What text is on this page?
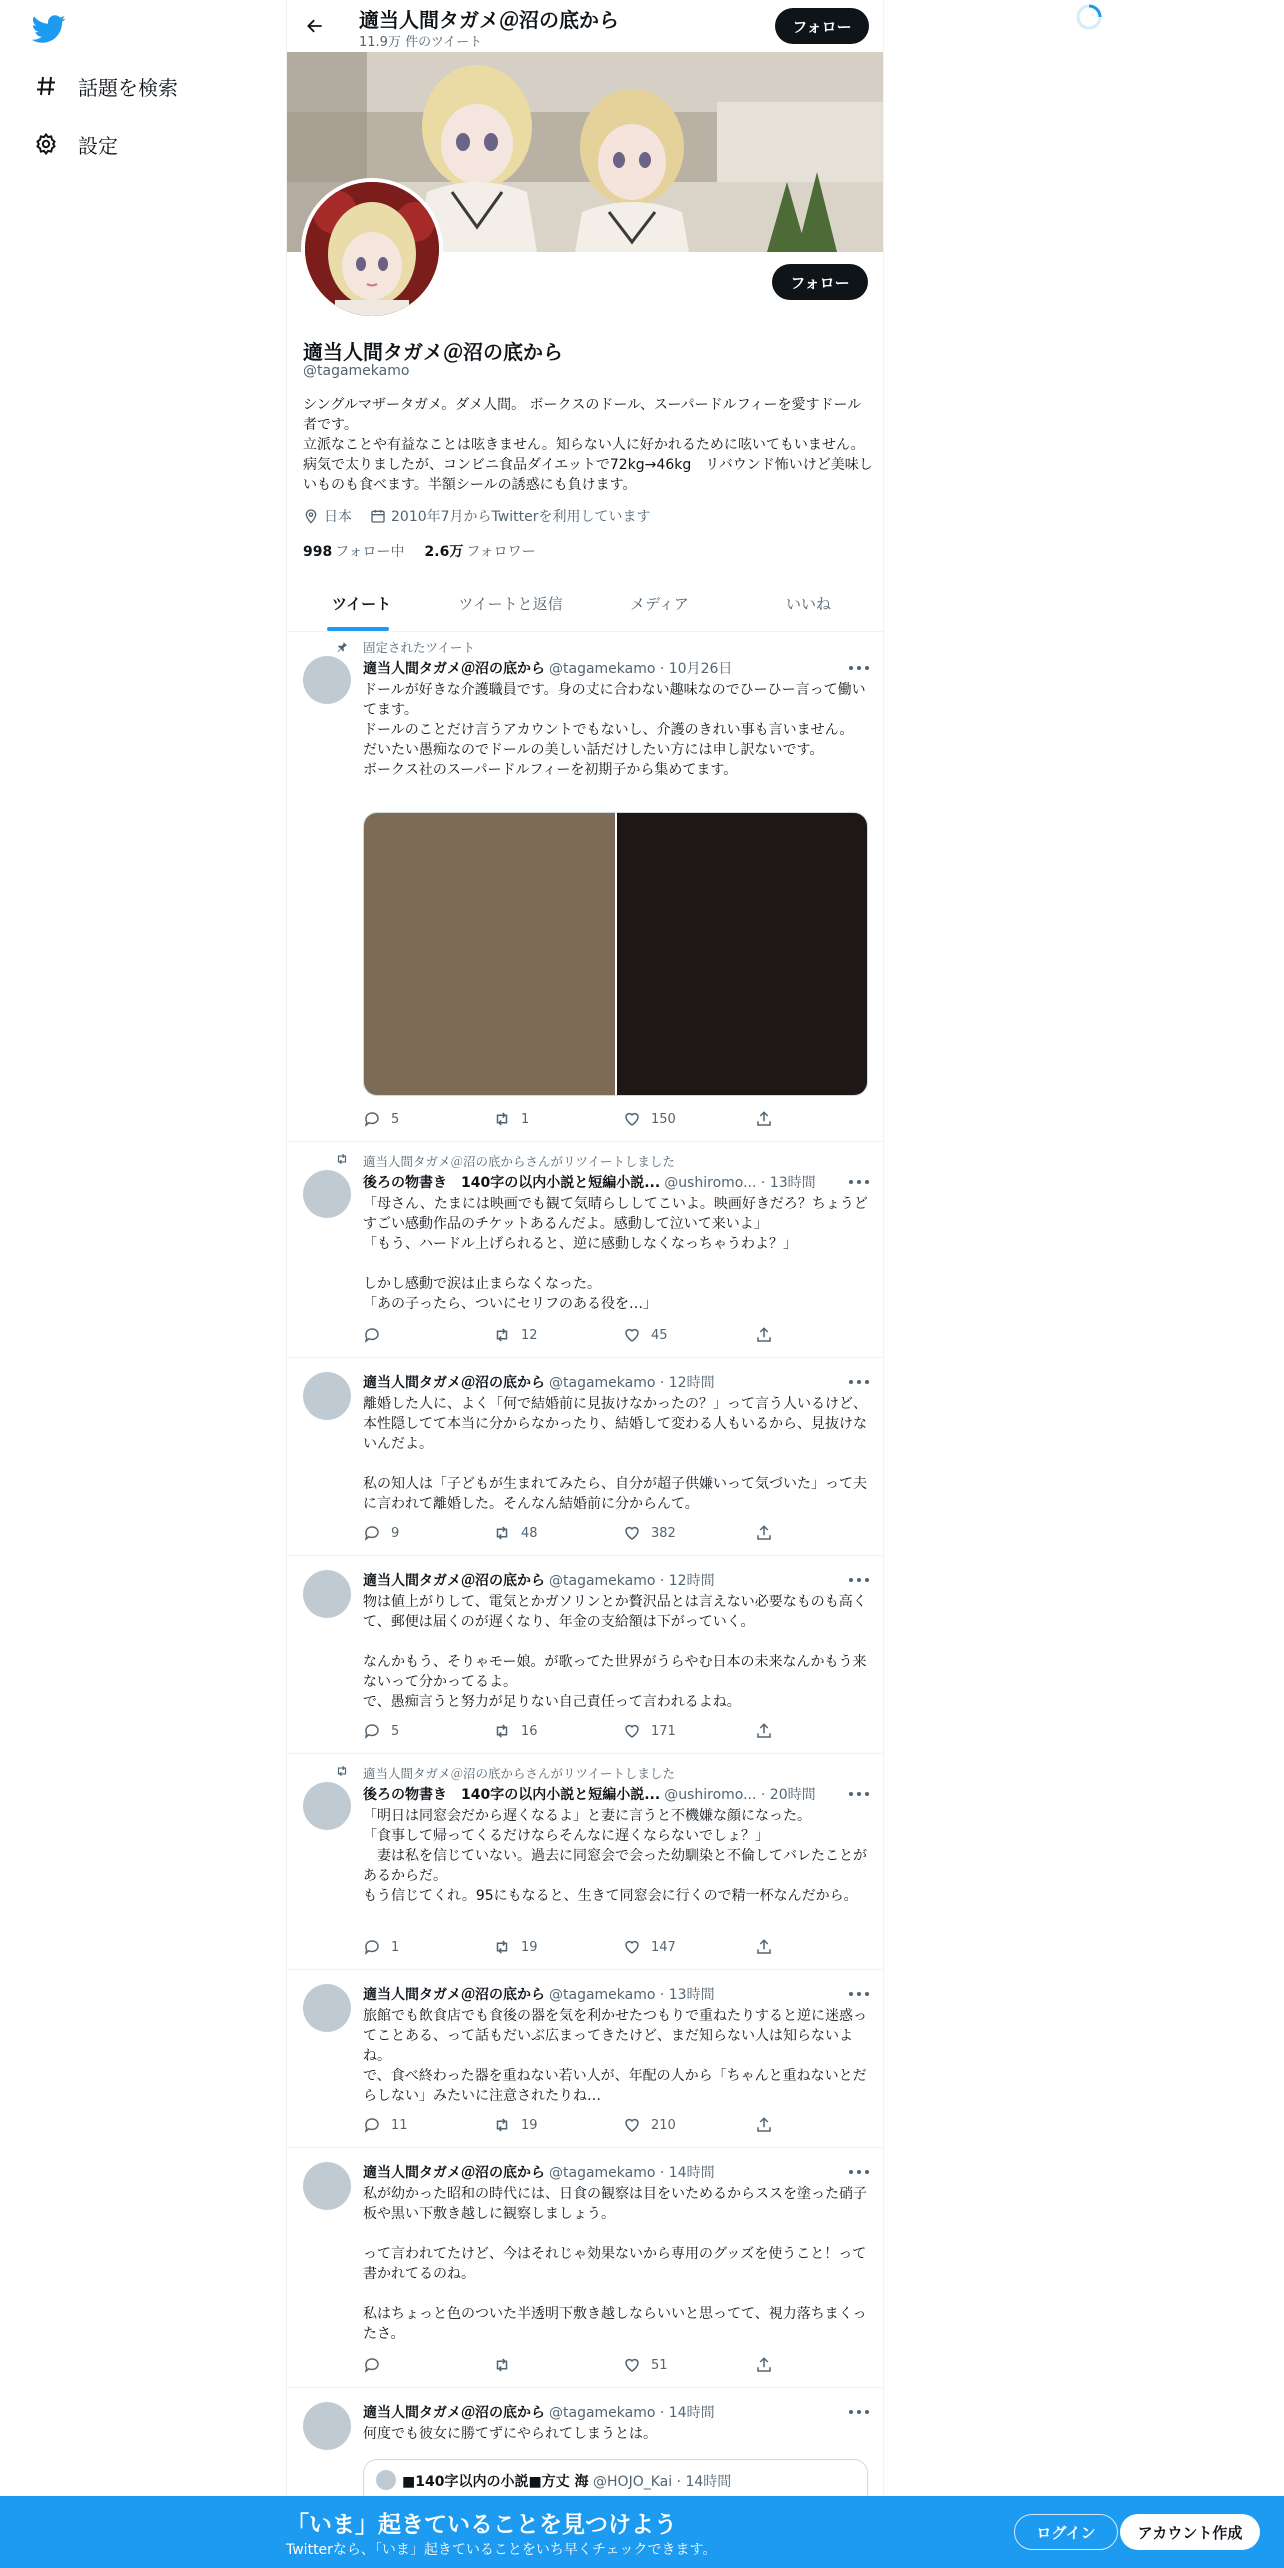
話題を検索
設定
適当人間タガメ＠沼の底から
11.9万 件のツイート
フォロー
フォロー
適当人間タガメ＠沼の底から
@tagamekamo
シングルマザータガメ。ダメ人間。 ボークスのドール、スーパードルフィーを愛すドール者です。
立派なことや有益なことは呟きません。知らない人に好かれるために呟いてもいません。病気で太りましたが、コンビニ食品ダイエットで72kg→46kg　リバウンド怖いけど美味しいものも食べます。半額シールの誘惑にも負けます。
日本	2010年7月からTwitterを利用しています
998 フォロー中 2.6万 フォロワー
ツイート	ツイートと返信	メディア	いいね
固定されたツイート
適当人間タガメ＠沼の底から @tagamekamo · 10月26日
ドールが好きな介護職員です。身の丈に合わない趣味なのでひーひー言って働いてます。
ドールのことだけ言うアカウントでもないし、介護のきれい事も言いません。
だいたい愚痴なのでドールの美しい話だけしたい方には申し訳ないです。
ボークス社のスーパードルフィーを初期子から集めてます。
5	1	150
適当人間タガメ＠沼の底からさんがリツイートしました
後ろの物書き　140字の以内小説と短編小説... @ushiromo... · 13時間
「母さん、たまには映画でも観て気晴らししてこいよ。映画好きだろ？ちょうどすごい感動作品のチケットあるんだよ。感動して泣いて来いよ」
「もう、ハードル上げられると、逆に感動しなくなっちゃうわよ？」

しかし感動で涙は止まらなくなった。
「あの子ったら、ついにセリフのある役を…」
12	45
適当人間タガメ＠沼の底から @tagamekamo · 12時間
離婚した人に、よく「何で結婚前に見抜けなかったの？」って言う人いるけど、本性隠してて本当に分からなかったり、結婚して変わる人もいるから、見抜けないんだよ。

私の知人は「子どもが生まれてみたら、自分が超子供嫌いって気づいた」って夫に言われて離婚した。そんなん結婚前に分からんて。
9	48	382
適当人間タガメ＠沼の底から @tagamekamo · 12時間
物は値上がりして、電気とかガソリンとか贅沢品とは言えない必要なものも高くて、郵便は届くのが遅くなり、年金の支給額は下がっていく。

なんかもう、そりゃモー娘。が歌ってた世界がうらやむ日本の未来なんかもう来ないって分かってるよ。
で、愚痴言うと努力が足りない自己責任って言われるよね。
5	16	171
適当人間タガメ＠沼の底からさんがリツイートしました
後ろの物書き　140字の以内小説と短編小説... @ushiromo... · 20時間
「明日は同窓会だから遅くなるよ」と妻に言うと不機嫌な顔になった。
「食事して帰ってくるだけならそんなに遅くならないでしょ？」
　妻は私を信じていない。過去に同窓会で会った幼馴染と不倫してバレたことがあるからだ。
もう信じてくれ。95にもなると、生きて同窓会に行くので精一杯なんだから。
1	19	147
適当人間タガメ＠沼の底から @tagamekamo · 13時間
旅館でも飲食店でも食後の器を気を利かせたつもりで重ねたりすると逆に迷惑ってことある、って話もだいぶ広まってきたけど、まだ知らない人は知らないよね。
で、食べ終わった器を重ねない若い人が、年配の人から「ちゃんと重ねないとだらしない」みたいに注意されたりね…
11	19	210
適当人間タガメ＠沼の底から @tagamekamo · 14時間
私が幼かった昭和の時代には、日食の観察は目をいためるからススを塗った硝子板や黒い下敷き越しに観察しましょう。

って言われてたけど、今はそれじゃ効果ないから専用のグッズを使うこと！って書かれてるのね。

私はちょっと色のついた半透明下敷き越しならいいと思ってて、視力落ちまくったさ。
51
適当人間タガメ＠沼の底から @tagamekamo · 14時間
何度でも彼女に勝てずにやられてしまうとは。
■140字以内の小説■方丈 海 @HOJO_Kai · 14時間
「いま」起きていることを見つけよう
Twitterなら、「いま」起きていることをいち早くチェックできます。
ログイン	アカウント作成
